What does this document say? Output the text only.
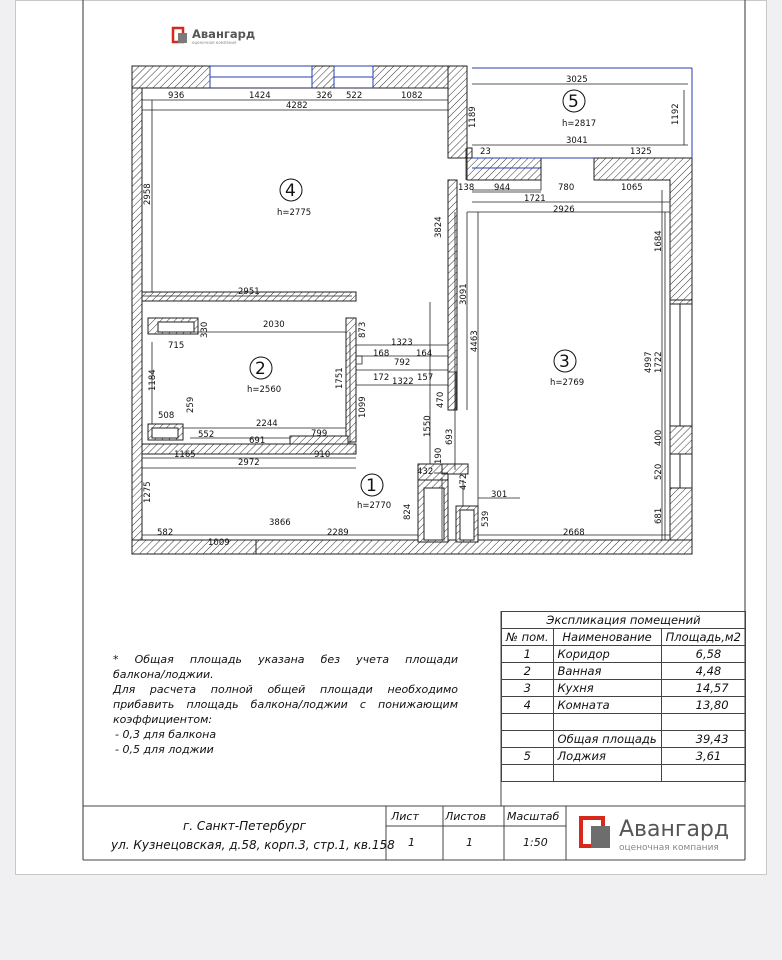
Авангард
оценочная компания
4
h=2775
5
h=2817
2
h=2560
3
h=2769
1
h=2770
936	1424	326 522	1082
4282
2951
2958
1189
3824
3091
4463
3025
1192
3041
23	1325
138 944	780	1065
1721
2926
1684
4997 1722
400
520
681
330	2030
715
1184
508
259
552
2244
799
691
873
1751
1099
1323
168	164
792
172 1322 157
470
1165	910
2972
1550 693
190
432
472
301
1275
824	539
582
1009
3866
2289	2668
г. Санкт-Петербург
ул. Кузнецовская, д.58, корп.3, стр.1, кв.158
Лист Листов Масштаб
1	1	1:50
Авангард
оценочная компания
* Общая площадь указана без учета площади
балкона/лоджии.
Для расчета полной общей площади необходимо
прибавить площадь балкона/лоджии с понижающим
коэффициентом:
- 0,3 для балкона
- 0,5 для лоджии
Экспликация помещений		
№ пом.	Наименование	Площадь,м2
1	Коридор	6,58
2	Ванная	4,48
3	Кухня	14,57
4	Комната	13,80

	Общая площадь	39,43
5	Лоджия	3,61
